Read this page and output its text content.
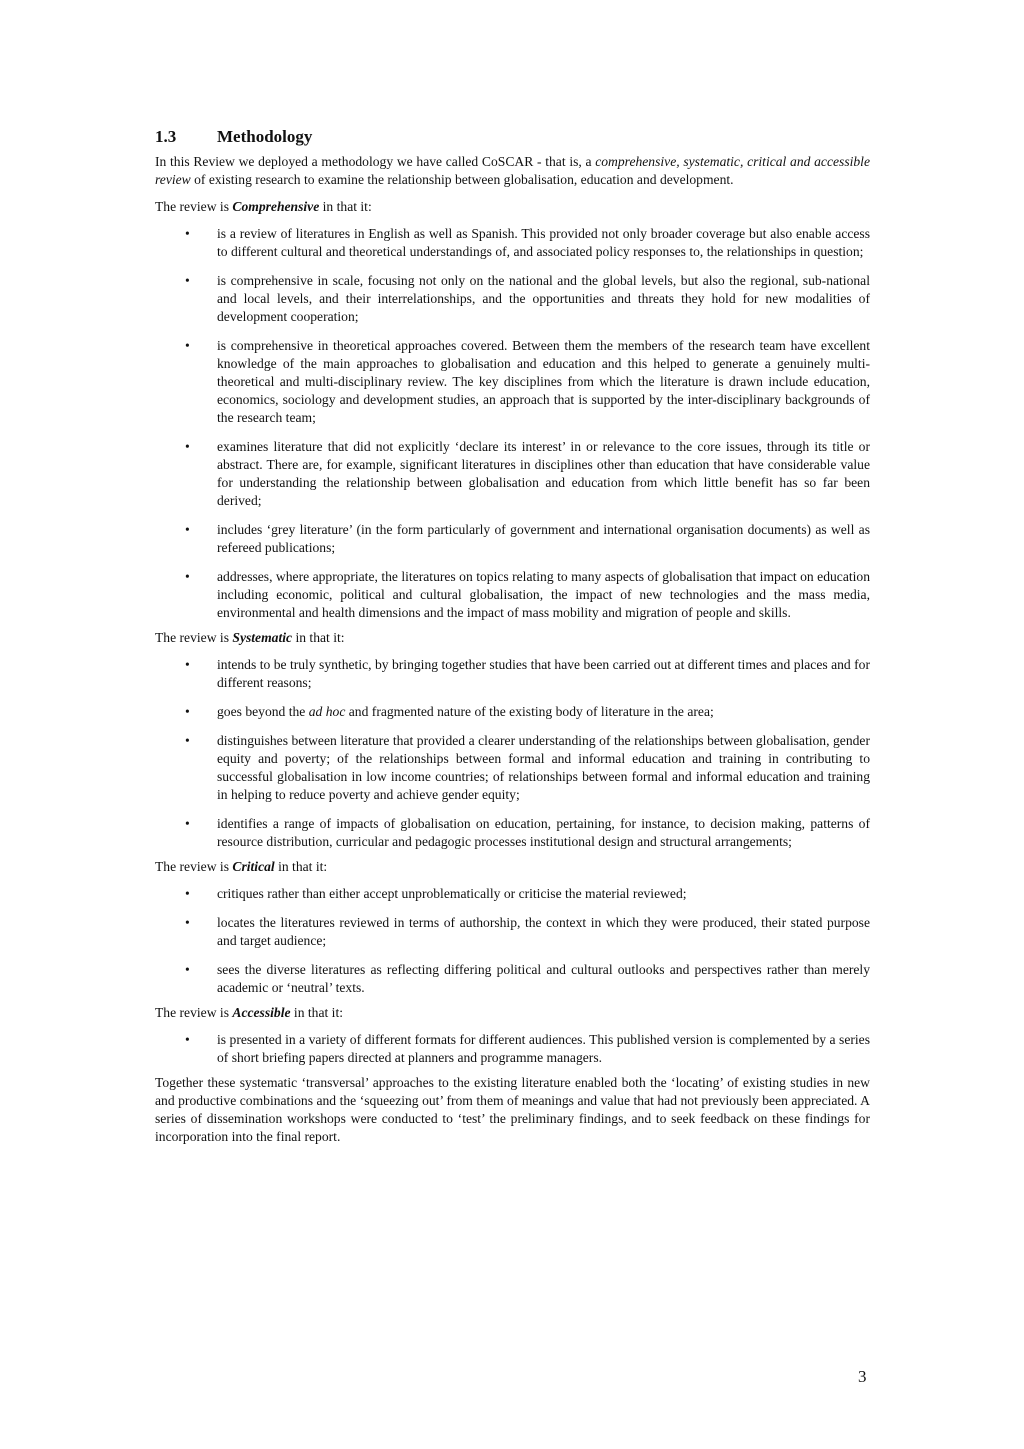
1.3 Methodology

In this Review we deployed a methodology we have called CoSCAR - that is, a comprehensive, systematic, critical and accessible review of existing research to examine the relationship between globalisation, education and development.

The review is Comprehensive in that it:

• is a review of literatures in English as well as Spanish. This provided not only broader coverage but also enable access to different cultural and theoretical understandings of, and associated policy responses to, the relationships in question;
• is comprehensive in scale, focusing not only on the national and the global levels, but also the regional, sub-national and local levels, and their interrelationships, and the opportunities and threats they hold for new modalities of development cooperation;
• is comprehensive in theoretical approaches covered. Between them the members of the research team have excellent knowledge of the main approaches to globalisation and education and this helped to generate a genuinely multi-theoretical and multi-disciplinary review. The key disciplines from which the literature is drawn include education, economics, sociology and development studies, an approach that is supported by the inter-disciplinary backgrounds of the research team;
• examines literature that did not explicitly ‘declare its interest’ in or relevance to the core issues, through its title or abstract. There are, for example, significant literatures in disciplines other than education that have considerable value for understanding the relationship between globalisation and education from which little benefit has so far been derived;
• includes ‘grey literature’ (in the form particularly of government and international organisation documents) as well as refereed publications;
• addresses, where appropriate, the literatures on topics relating to many aspects of globalisation that impact on education including economic, political and cultural globalisation, the impact of new technologies and the mass media, environmental and health dimensions and the impact of mass mobility and migration of people and skills.

The review is Systematic in that it:

• intends to be truly synthetic, by bringing together studies that have been carried out at different times and places and for different reasons;
• goes beyond the ad hoc and fragmented nature of the existing body of literature in the area;
• distinguishes between literature that provided a clearer understanding of the relationships between globalisation, gender equity and poverty; of the relationships between formal and informal education and training in contributing to successful globalisation in low income countries; of relationships between formal and informal education and training in helping to reduce poverty and achieve gender equity;
• identifies a range of impacts of globalisation on education, pertaining, for instance, to decision making, patterns of resource distribution, curricular and pedagogic processes institutional design and structural arrangements;

The review is Critical in that it:

• critiques rather than either accept unproblematically or criticise the material reviewed;
• locates the literatures reviewed in terms of authorship, the context in which they were produced, their stated purpose and target audience;
• sees the diverse literatures as reflecting differing political and cultural outlooks and perspectives rather than merely academic or ‘neutral’ texts.

The review is Accessible in that it:

• is presented in a variety of different formats for different audiences. This published version is complemented by a series of short briefing papers directed at planners and programme managers.

Together these systematic ‘transversal’ approaches to the existing literature enabled both the ‘locating’ of existing studies in new and productive combinations and the ‘squeezing out’ from them of meanings and value that had not previously been appreciated. A series of dissemination workshops were conducted to ‘test’ the preliminary findings, and to seek feedback on these findings for incorporation into the final report.

3
